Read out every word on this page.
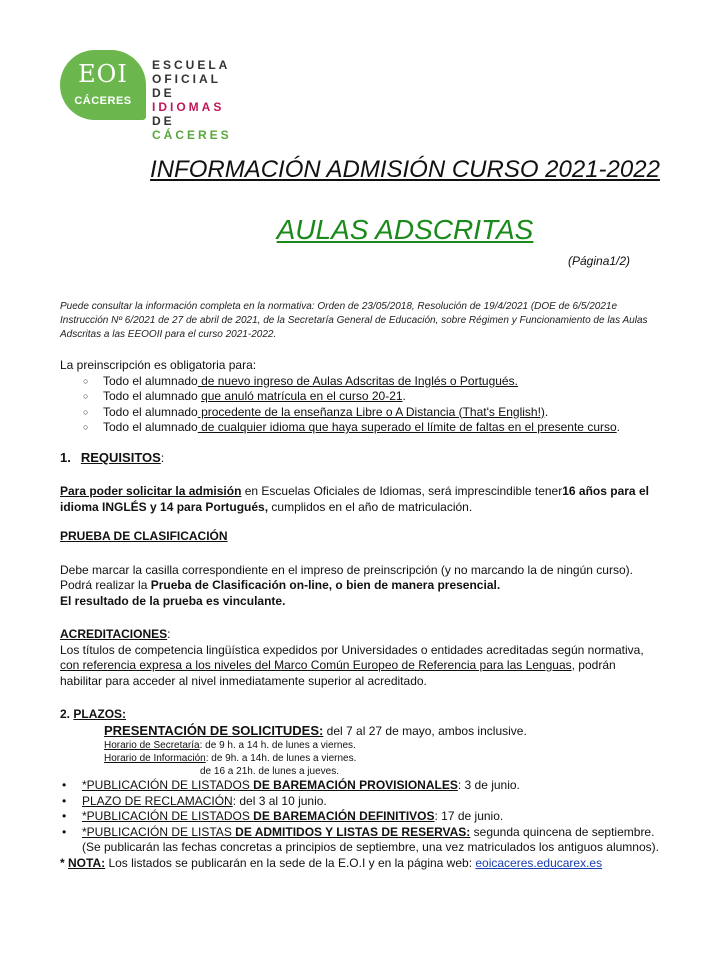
EOI
CÁCERES
ESCUELA
OFICIAL
DE IDIOMAS
DE CÁCERES
INFORMACIÓN ADMISIÓN CURSO 2021-2022
AULAS ADSCRITAS
(Página1/2)
Puede consultar la información completa en la normativa: Orden de 23/05/2018, Resolución de 19/4/2021 (DOE de 6/5/2021e Instrucción Nº 6/2021 de 27 de abril de 2021, de la Secretaría General de Educación, sobre Régimen y Funcionamiento de las Aulas Adscritas a las EEOOII para el curso 2021-2022.

La preinscripción es obligatoria para:

○ Todo el alumnado de nuevo ingreso de Aulas Adscritas de Inglés o Portugués.
○ Todo el alumnado que anuló matrícula en el curso 20-21.
○ Todo el alumnado procedente de la enseñanza Libre o A Distancia (That's English!).
○ Todo el alumnado de cualquier idioma que haya superado el límite de faltas en el presente curso.

1. REQUISITOS:

Para poder solicitar la admisión en Escuelas Oficiales de Idiomas, será imprescindible tener16 años para el idioma INGLÉS y 14 para Portugués, cumplidos en el año de matriculación.

PRUEBA DE CLASIFICACIÓN

Debe marcar la casilla correspondiente en el impreso de preinscripción (y no marcando la de ningún curso).

Podrá realizar la Prueba de Clasificación on-line, o bien de manera presencial.

El resultado de la prueba es vinculante.

ACREDITACIONES:

Los títulos de competencia lingüística expedidos por Universidades o entidades acreditadas según normativa, con referencia expresa a los niveles del Marco Común Europeo de Referencia para las Lenguas, podrán habilitar para acceder al nivel inmediatamente superior al acreditado.

2. PLAZOS:

PRESENTACIÓN DE SOLICITUDES: del 7 al 27 de mayo, ambos inclusive.

Horario de Secretaría: de 9 h. a 14 h. de lunes a viernes.

Horario de Información: de 9h. a 14h. de lunes a viernes.

de 16 a 21h. de lunes a jueves.

• *PUBLICACIÓN DE LISTADOS DE BAREMACIÓN PROVISIONALES: 3 de junio.
• PLAZO DE RECLAMACIÓN: del 3 al 10 junio.
• *PUBLICACIÓN DE LISTADOS DE BAREMACIÓN DEFINITIVOS: 17 de junio.
• *PUBLICACIÓN DE LISTAS DE ADMITIDOS Y LISTAS DE RESERVAS: segunda quincena de septiembre. (Se publicarán las fechas concretas a principios de septiembre, una vez matriculados los antiguos alumnos).

* NOTA: Los listados se publicarán en la sede de la E.O.I y en la página web: eoicaceres.educarex.es
